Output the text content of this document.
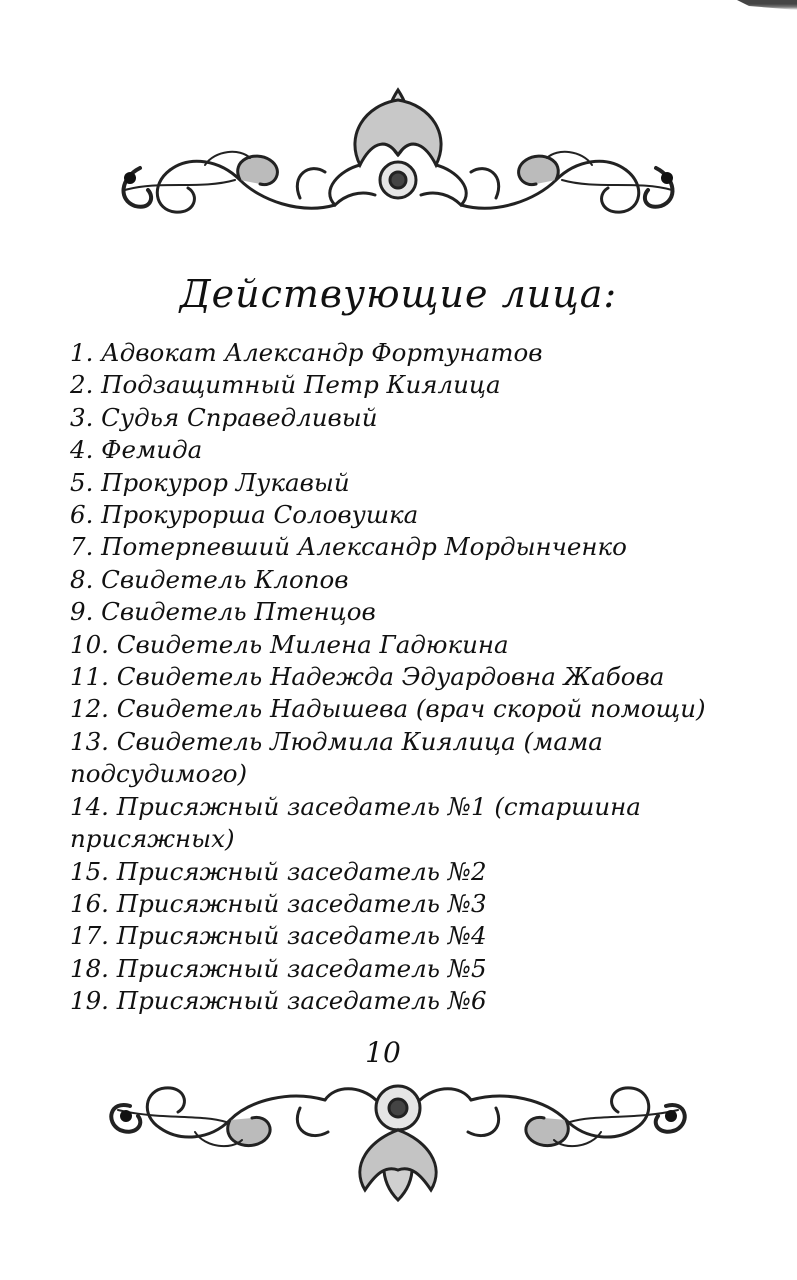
Действующие лица:
1. Адвокат Александр Фортунатов
2. Подзащитный Петр Киялица
3. Судья Справедливый
4. Фемида
5. Прокурор Лукавый
6. Прокурорша Соловушка
7. Потерпевший Александр Мордынченко
8. Свидетель Клопов
9. Свидетель Птенцов
10. Свидетель Милена Гадюкина
11. Свидетель Надежда Эдуардовна Жабова
12. Свидетель Надышева (врач скорой помощи)
13. Свидетель Людмила Киялица (мама подсудимого)
14. Присяжный заседатель №1 (старшина присяжных)
15. Присяжный заседатель №2
16. Присяжный заседатель №3
17. Присяжный заседатель №4
18. Присяжный заседатель №5
19. Присяжный заседатель №6
10
